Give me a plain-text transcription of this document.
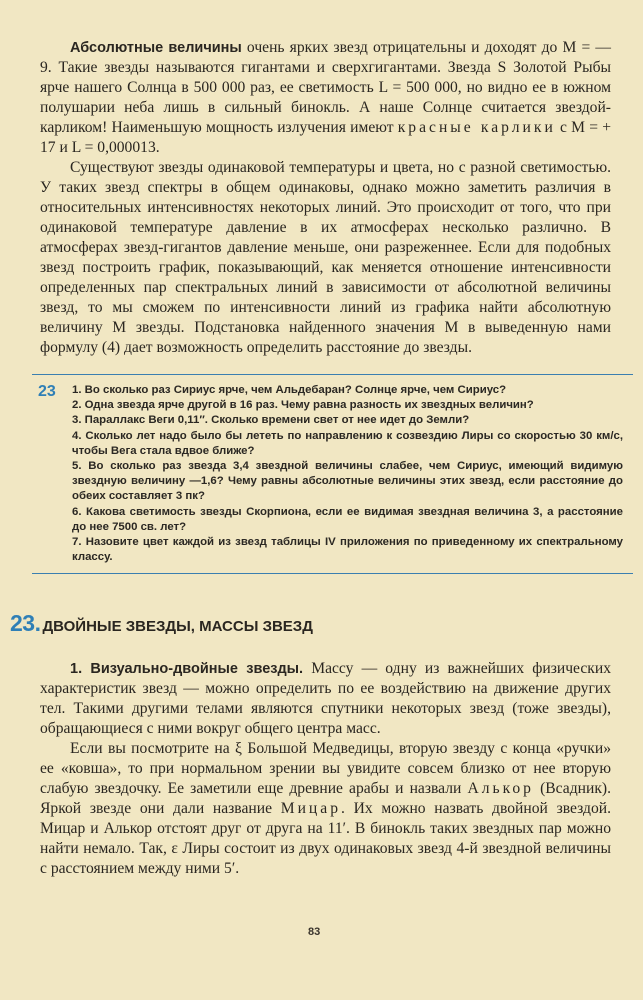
Абсолютные величины очень ярких звезд отрицательны и доходят до M = — 9. Такие звезды называются гигантами и сверхгигантами. Звезда S Золотой Рыбы ярче нашего Солнца в 500 000 раз, ее светимость L = 500 000, но видно ее в южном полушарии неба лишь в сильный бинокль. А наше Солнце считается звездой-карликом! Наименьшую мощность излучения имеют красные карлики с M = + 17 и L = 0,000013.

Существуют звезды одинаковой температуры и цвета, но с разной светимостью. У таких звезд спектры в общем одинаковы, однако можно заметить различия в относительных интенсивностях некоторых линий. Это происходит от того, что при одинаковой температуре давление в их атмосферах несколько различно. В атмосферах звезд-гигантов давление меньше, они разреженнее. Если для подобных звезд построить график, показывающий, как меняется отношение интенсивности определенных пар спектральных линий в зависимости от абсолютной величины звезд, то мы сможем по интенсивности линий из графика найти абсолютную величину M звезды. Подстановка найденного значения M в выведенную нами формулу (4) дает возможность определить расстояние до звезды.

23 1. Во сколько раз Сириус ярче, чем Альдебаран? Солнце ярче, чем Сириус?

2. Одна звезда ярче другой в 16 раз. Чему равна разность их звездных величин?

3. Параллакс Веги 0,11″. Сколько времени свет от нее идет до Земли?

4. Сколько лет надо было бы лететь по направлению к созвездию Лиры со скоростью 30 км/с, чтобы Вега стала вдвое ближе?

5. Во сколько раз звезда 3,4 звездной величины слабее, чем Сириус, имеющий видимую звездную величину —1,6? Чему равны абсолютные величины этих звезд, если расстояние до обеих составляет 3 пк?

6. Какова светимость звезды Скорпиона, если ее видимая звездная величина 3, а расстояние до нее 7500 св. лет?

7. Назовите цвет каждой из звезд таблицы IV приложения по приведенному их спектральному классу.

23. ДВОЙНЫЕ ЗВЕЗДЫ, МАССЫ ЗВЕЗД

1. Визуально-двойные звезды. Массу — одну из важнейших физических характеристик звезд — можно определить по ее воздействию на движение других тел. Такими другими телами являются спутники некоторых звезд (тоже звезды), обращающиеся с ними вокруг общего центра масс.

Если вы посмотрите на ξ Большой Медведицы, вторую звезду с конца «ручки» ее «ковша», то при нормальном зрении вы увидите совсем близко от нее вторую слабую звездочку. Ее заметили еще древние арабы и назвали Алькор (Всадник). Яркой звезде они дали название Мицар. Их можно назвать двойной звездой. Мицар и Алькор отстоят друг от друга на 11′. В бинокль таких звездных пар можно найти немало. Так, ε Лиры состоит из двух одинаковых звезд 4-й звездной величины с расстоянием между ними 5′.

83
